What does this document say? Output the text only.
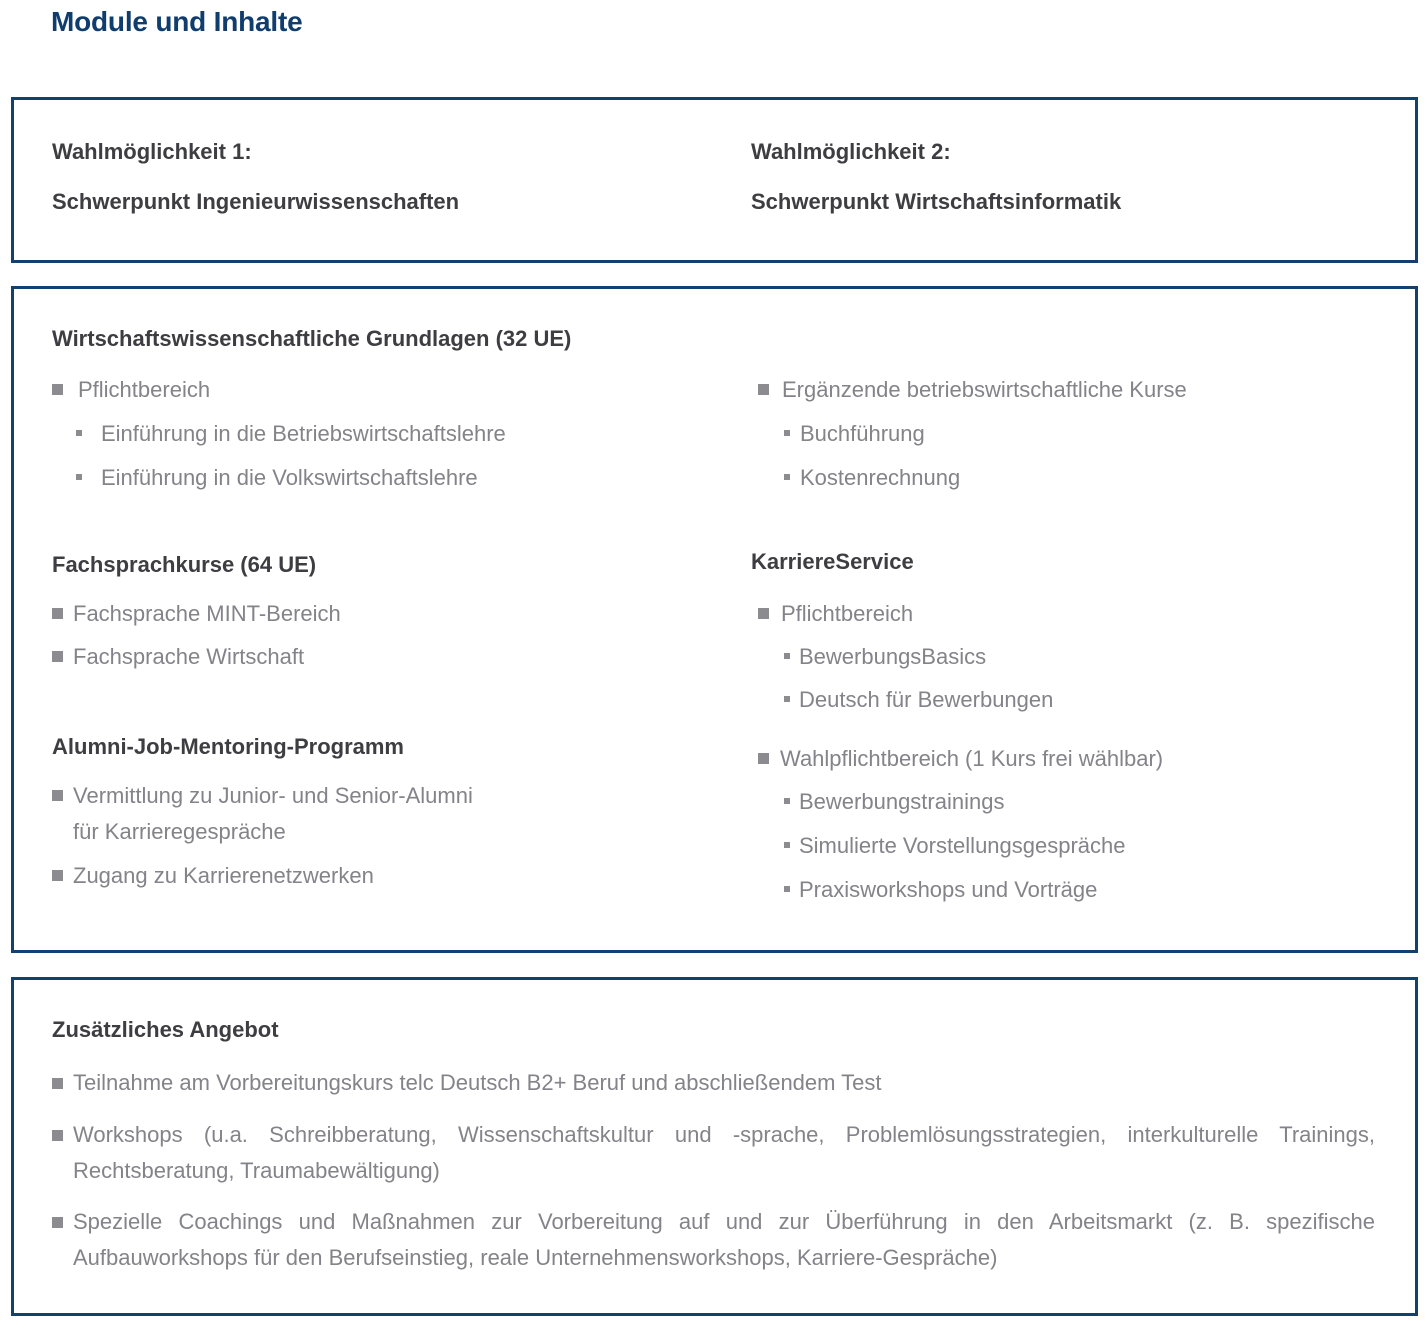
Module und Inhalte
Wahlmöglichkeit 1:
Schwerpunkt Ingenieurwissenschaften
Wahlmöglichkeit 2:
Schwerpunkt Wirtschaftsinformatik
Wirtschaftswissenschaftliche Grundlagen (32 UE)
Pflichtbereich
Einführung in die Betriebswirtschaftslehre
Einführung in die Volkswirtschaftslehre
Ergänzende betriebswirtschaftliche Kurse
Buchführung
Kostenrechnung
Fachsprachkurse (64 UE)
Fachsprache MINT-Bereich
Fachsprache Wirtschaft
Alumni-Job-Mentoring-Programm
Vermittlung zu Junior- und Senior-Alumni
für Karrieregespräche
Zugang zu Karrierenetzwerken
KarriereService
Pflichtbereich
BewerbungsBasics
Deutsch für Bewerbungen
Wahlpflichtbereich (1 Kurs frei wählbar)
Bewerbungstrainings
Simulierte Vorstellungsgespräche
Praxisworkshops und Vorträge
Zusätzliches Angebot
Teilnahme am Vorbereitungskurs telc Deutsch B2+ Beruf und abschließendem Test
Workshops (u.a. Schreibberatung, Wissenschaftskultur und -sprache, Problemlösungsstrategien, interkulturelle Trainings, Rechtsberatung, Traumabewältigung)
Spezielle Coachings und Maßnahmen zur Vorbereitung auf und zur Überführung in den Arbeitsmarkt (z. B. spezifische Aufbauworkshops für den Berufseinstieg, reale Unternehmensworkshops, Karriere-Gespräche)
